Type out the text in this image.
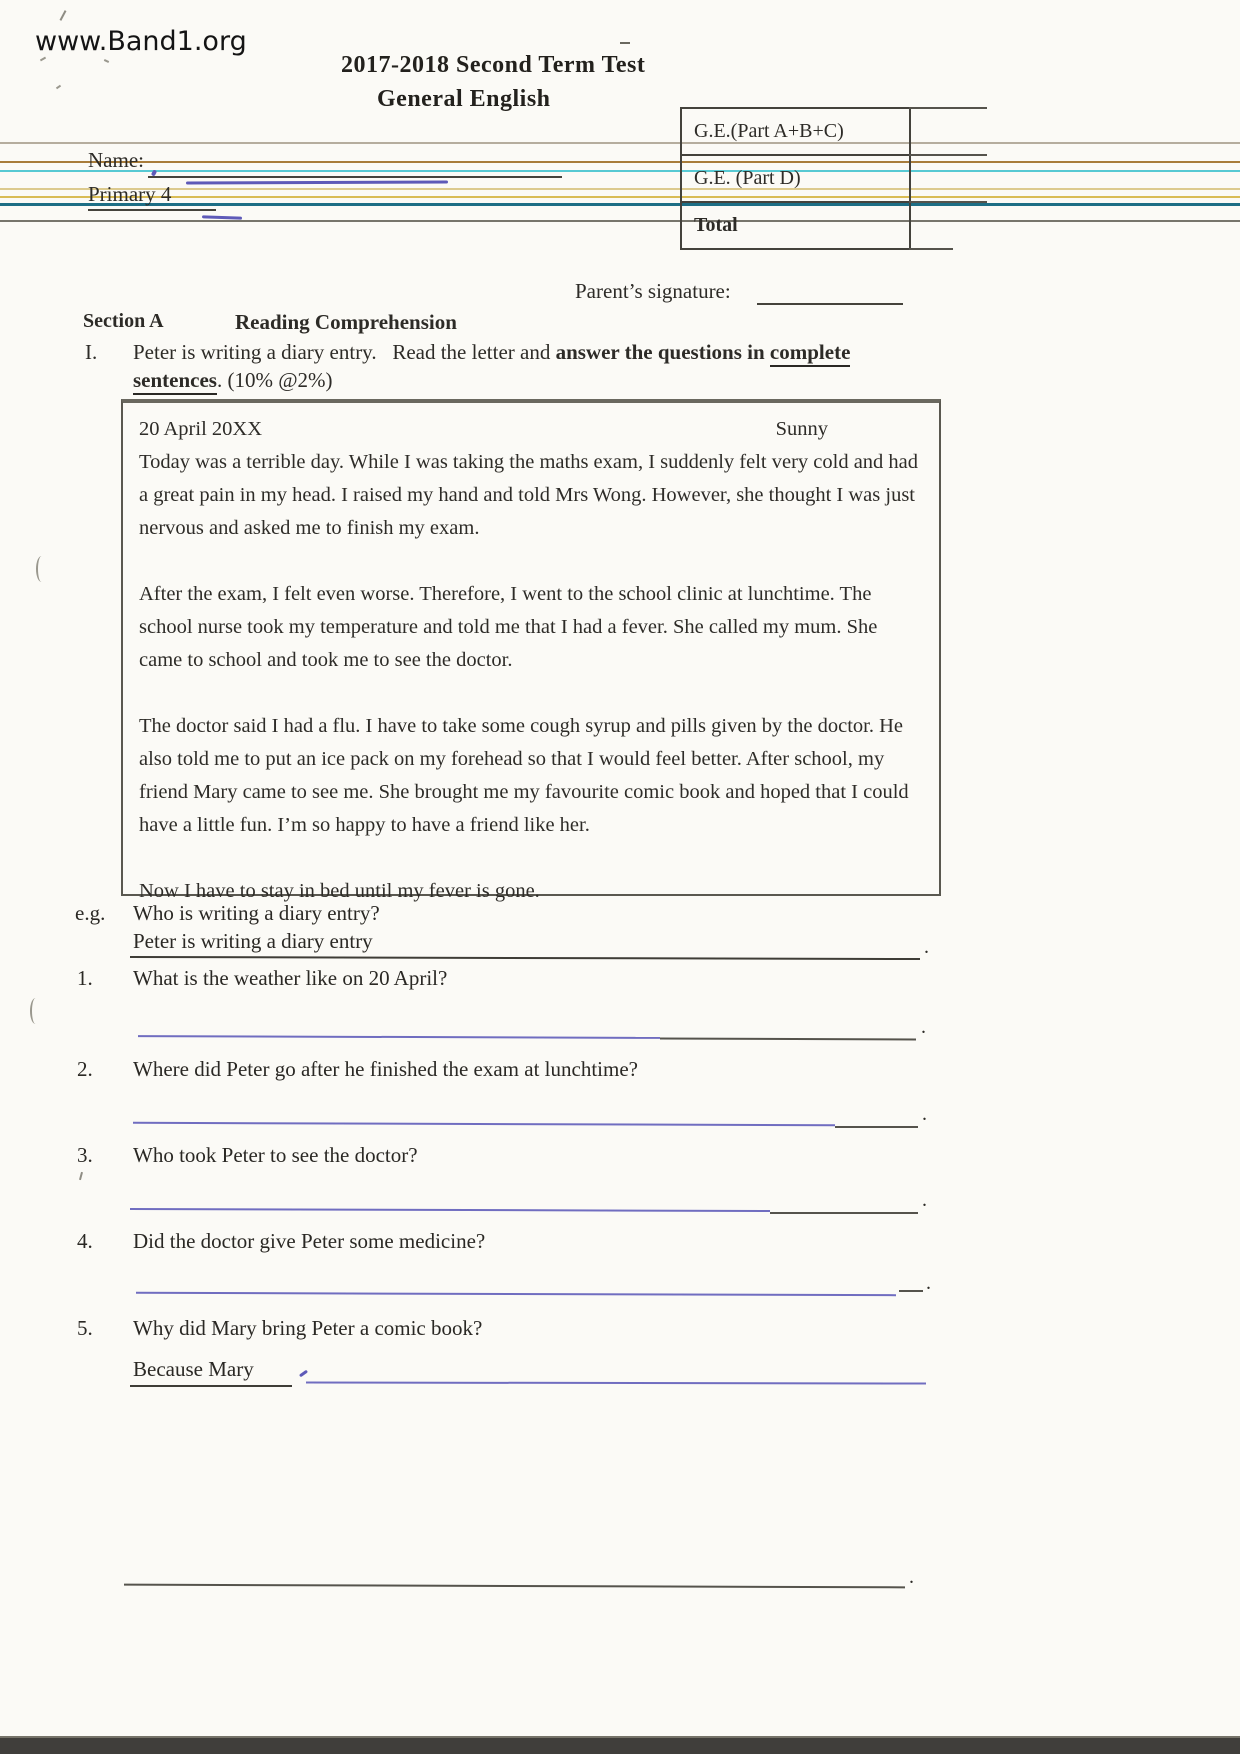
www.Band1.org
2017-2018 Second Term Test
General English
G.E.(Part A+B+C)
G.E. (Part D)
Total
Name:
Primary 4
Parent’s signature:
Section A	Reading Comprehension
I. Peter is writing a diary entry. Read the letter and answer the questions in complete
sentences. (10% @2%)

20 April 20XX	Sunny

Today was a terrible day. While I was taking the maths exam, I suddenly felt very cold and had a great pain in my head. I raised my hand and told Mrs Wong. However, she thought I was just nervous and asked me to finish my exam.

After the exam, I felt even worse. Therefore, I went to the school clinic at lunchtime. The school nurse took my temperature and told me that I had a fever. She called my mum. She came to school and took me to see the doctor.

The doctor said I had a flu. I have to take some cough syrup and pills given by the doctor. He also told me to put an ice pack on my forehead so that I would feel better. After school, my friend Mary came to see me. She brought me my favourite comic book and hoped that I could have a little fun. I’m so happy to have a friend like her.

Now I have to stay in bed until my fever is gone.

e.g. Who is writing a diary entry?
Peter is writing a diary entry	.
1. What is the weather like on 20 April?
.
2. Where did Peter go after he finished the exam at lunchtime?
.
3. Who took Peter to see the doctor?
.
4. Did the doctor give Peter some medicine?
.
5. Why did Mary bring Peter a comic book?
Because Mary
.
